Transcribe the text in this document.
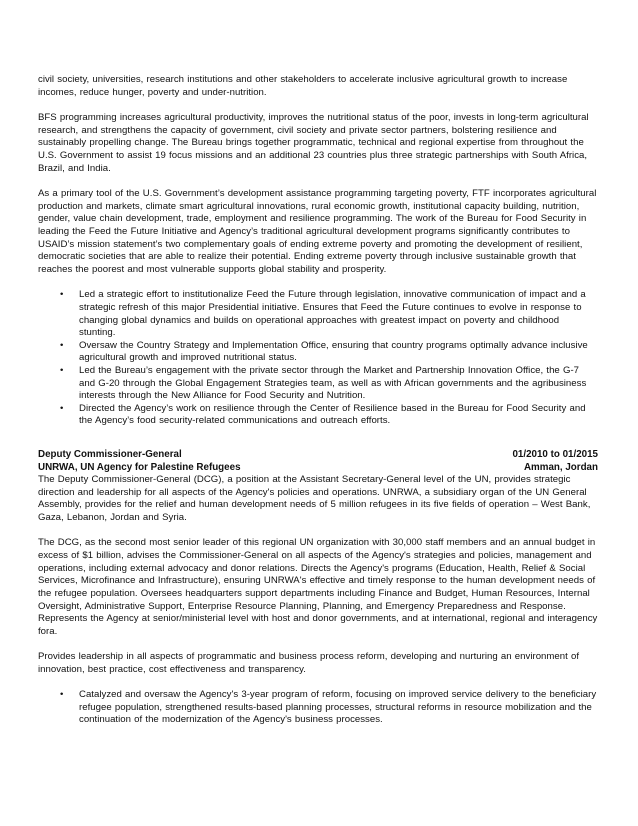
civil society, universities, research institutions and other stakeholders to accelerate inclusive agricultural growth to increase incomes, reduce hunger, poverty and under-nutrition.

BFS programming increases agricultural productivity, improves the nutritional status of the poor, invests in long-term agricultural research, and strengthens the capacity of government, civil society and private sector partners, bolstering resilience and sustainably propelling change. The Bureau brings together programmatic, technical and regional expertise from throughout the U.S. Government to assist 19 focus missions and an additional 23 countries plus three strategic partnerships with South Africa, Brazil, and India.

As a primary tool of the U.S. Government’s development assistance programming targeting poverty, FTF incorporates agricultural production and markets, climate smart agricultural innovations, rural economic growth, institutional capacity building, nutrition, gender, value chain development, trade, employment and resilience programming. The work of the Bureau for Food Security in leading the Feed the Future Initiative and Agency’s traditional agricultural development programs significantly contributes to USAID’s mission statement’s two complementary goals of ending extreme poverty and promoting the development of resilient, democratic societies that are able to realize their potential. Ending extreme poverty through inclusive sustainable growth that reaches the poorest and most vulnerable supports global stability and prosperity.

• Led a strategic effort to institutionalize Feed the Future through legislation, innovative communication of impact and a strategic refresh of this major Presidential initiative. Ensures that Feed the Future continues to evolve in response to changing global dynamics and builds on operational approaches with greatest impact on poverty and childhood stunting.
• Oversaw the Country Strategy and Implementation Office, ensuring that country programs optimally advance inclusive agricultural growth and improved nutritional status.
• Led the Bureau’s engagement with the private sector through the Market and Partnership Innovation Office, the G-7 and G-20 through the Global Engagement Strategies team, as well as with African governments and the agribusiness interests through the New Alliance for Food Security and Nutrition.
• Directed the Agency’s work on resilience through the Center of Resilience based in the Bureau for Food Security and the Agency’s food security-related communications and outreach efforts.
Deputy Commissioner-General	01/2010 to 01/2015
UNRWA, UN Agency for Palestine Refugees	Amman, Jordan

The Deputy Commissioner-General (DCG), a position at the Assistant Secretary-General level of the UN, provides strategic direction and leadership for all aspects of the Agency's policies and operations. UNRWA, a subsidiary organ of the UN General Assembly, provides for the relief and human development needs of 5 million refugees in its five fields of operation – West Bank, Gaza, Lebanon, Jordan and Syria.

The DCG, as the second most senior leader of this regional UN organization with 30,000 staff members and an annual budget in excess of $1 billion, advises the Commissioner-General on all aspects of the Agency's strategies and policies, management and operations, including external advocacy and donor relations. Directs the Agency's programs (Education, Health, Relief & Social Services, Microfinance and Infrastructure), ensuring UNRWA's effective and timely response to the human development needs of the refugee population. Oversees headquarters support departments including Finance and Budget, Human Resources, Internal Oversight, Administrative Support, Enterprise Resource Planning, Planning, and Emergency Preparedness and Response. Represents the Agency at senior/ministerial level with host and donor governments, and at international, regional and interagency fora.

Provides leadership in all aspects of programmatic and business process reform, developing and nurturing an environment of innovation, best practice, cost effectiveness and transparency.

• Catalyzed and oversaw the Agency's 3-year program of reform, focusing on improved service delivery to the beneficiary refugee population, strengthened results-based planning processes, structural reforms in resource mobilization and the continuation of the modernization of the Agency's business processes.
